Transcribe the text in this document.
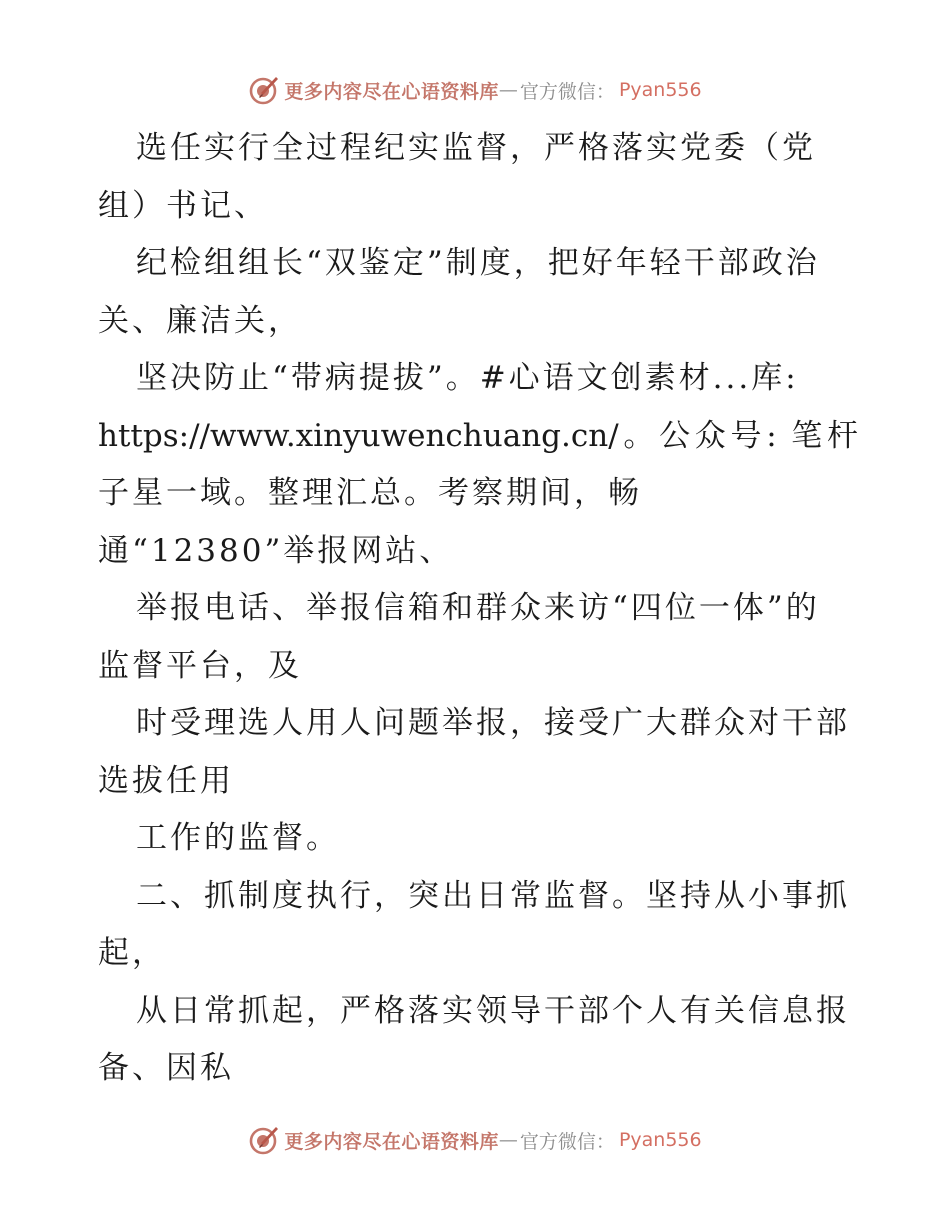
更多内容尽在心语资料库 — 官方微信： Pyan556
选任实行全过程纪实监督，严格落实党委（党
组）书记、
纪检组组长“双鉴定”制度，把好年轻干部政治
关、廉洁关，
坚决防止“带病提拔”。#心语文创素材...库:
https://www.xinyuwenchuang.cn/。公众号: 笔杆
子星一域。整理汇总。考察期间，畅
通“12380”举报网站、
举报电话、举报信箱和群众来访“四位一体”的
监督平台，及
时受理选人用人问题举报，接受广大群众对干部
选拔任用
工作的监督。
二、抓制度执行，突出日常监督。坚持从小事抓
起，
从日常抓起，严格落实领导干部个人有关信息报
备、因私
更多内容尽在心语资料库 — 官方微信： Pyan556
